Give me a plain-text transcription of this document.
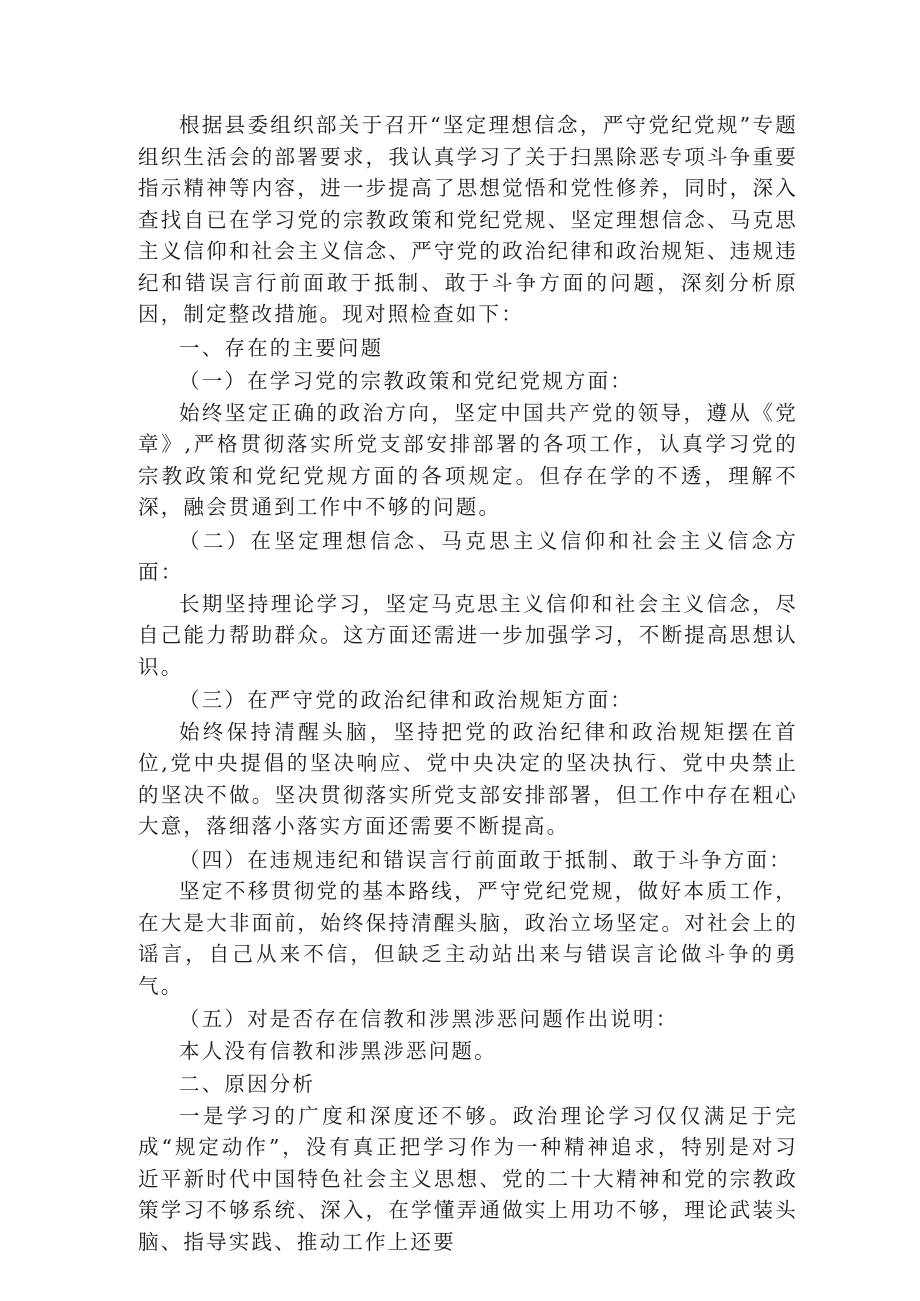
根据县委组织部关于召开“坚定理想信念，严守党纪党规”专题组织生活会的部署要求，我认真学习了关于扫黑除恶专项斗争重要指示精神等内容，进一步提高了思想觉悟和党性修养，同时，深入查找自已在学习党的宗教政策和党纪党规、坚定理想信念、马克思主义信仰和社会主义信念、严守党的政治纪律和政治规矩、违规违纪和错误言行前面敢于抵制、敢于斗争方面的问题，深刻分析原因，制定整改措施。现对照检查如下：

一、存在的主要问题

（一）在学习党的宗教政策和党纪党规方面：

始终坚定正确的政治方向，坚定中国共产党的领导，遵从《党章》,严格贯彻落实所党支部安排部署的各项工作，认真学习党的宗教政策和党纪党规方面的各项规定。但存在学的不透，理解不深，融会贯通到工作中不够的问题。

（二）在坚定理想信念、马克思主义信仰和社会主义信念方面：

长期坚持理论学习，坚定马克思主义信仰和社会主义信念，尽自己能力帮助群众。这方面还需进一步加强学习，不断提高思想认识。

（三）在严守党的政治纪律和政治规矩方面：

始终保持清醒头脑，坚持把党的政治纪律和政治规矩摆在首位,党中央提倡的坚决响应、党中央决定的坚决执行、党中央禁止的坚决不做。坚决贯彻落实所党支部安排部署，但工作中存在粗心大意，落细落小落实方面还需要不断提高。

（四）在违规违纪和错误言行前面敢于抵制、敢于斗争方面：

坚定不移贯彻党的基本路线，严守党纪党规，做好本质工作，在大是大非面前，始终保持清醒头脑，政治立场坚定。对社会上的谣言，自己从来不信，但缺乏主动站出来与错误言论做斗争的勇气。

（五）对是否存在信教和涉黑涉恶问题作出说明：

本人没有信教和涉黑涉恶问题。

二、原因分析

一是学习的广度和深度还不够。政治理论学习仅仅满足于完成“规定动作”，没有真正把学习作为一种精神追求，特别是对习近平新时代中国特色社会主义思想、党的二十大精神和党的宗教政策学习不够系统、深入，在学懂弄通做实上用功不够，理论武装头脑、指导实践、推动工作上还要
